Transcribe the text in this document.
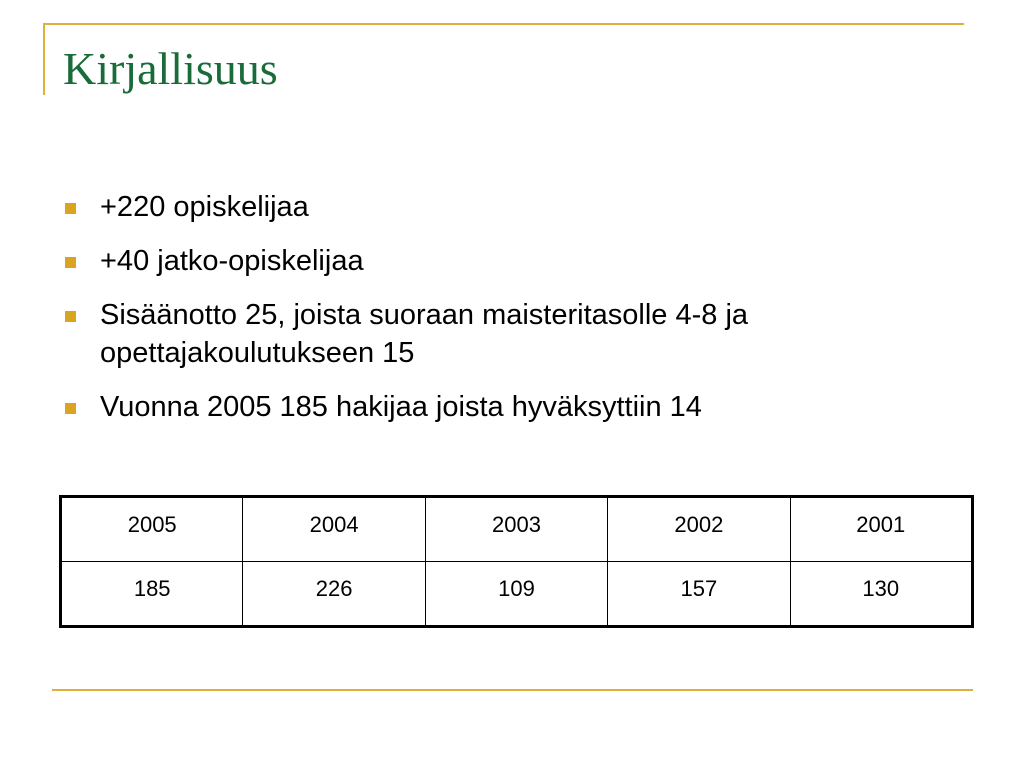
Kirjallisuus
+220 opiskelijaa
+40 jatko-opiskelijaa
Sisäänotto 25, joista suoraan maisteritasolle 4-8 ja opettajakoulutukseen 15
Vuonna 2005 185 hakijaa joista hyväksyttiin 14
2005	2004	2003	2002	2001
185	226	109	157	130
